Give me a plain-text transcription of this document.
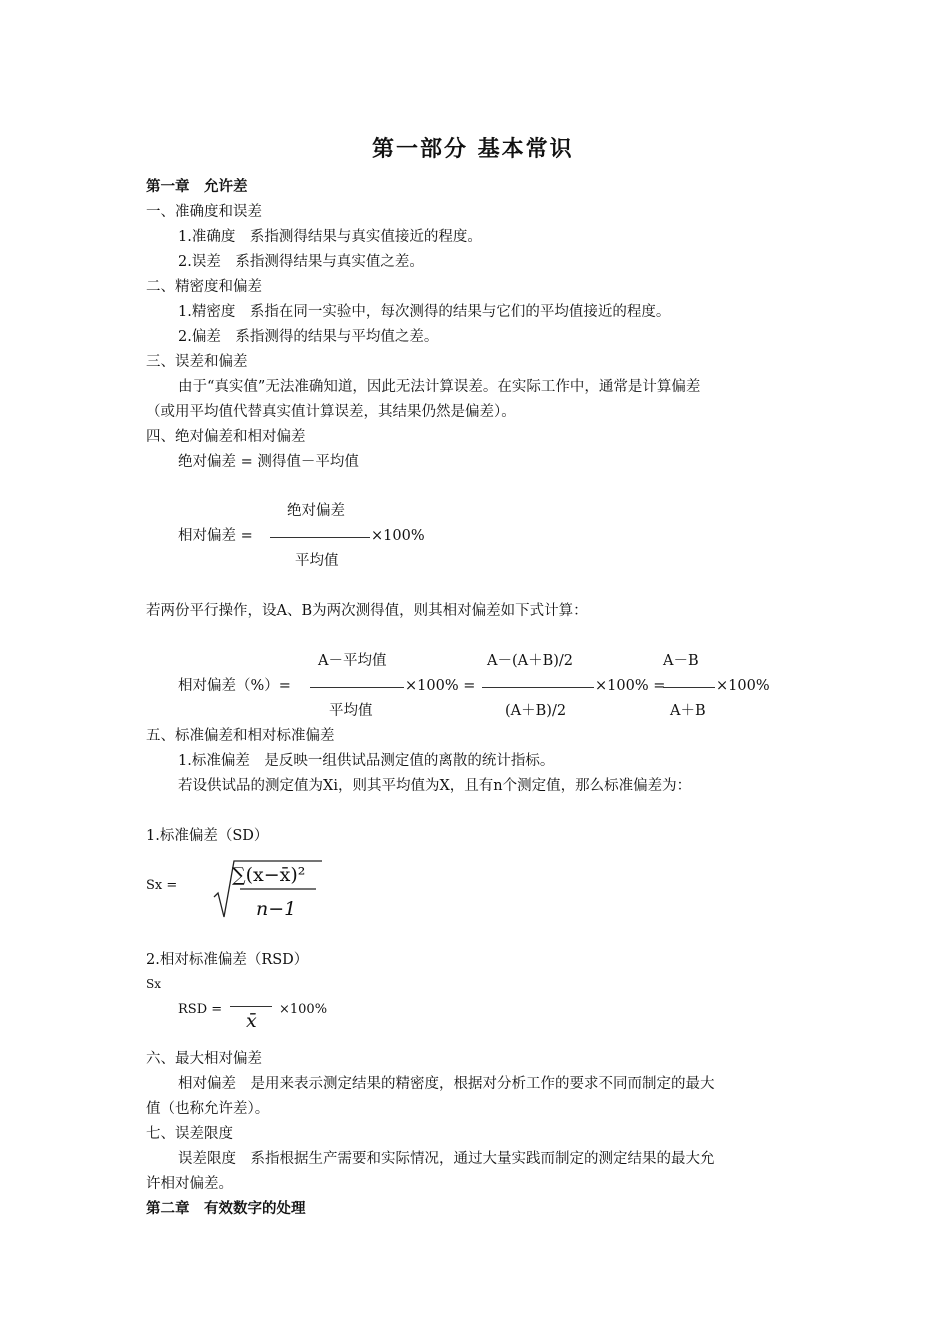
第一部分 基本常识
第一章　允许差
一、准确度和误差
1.准确度　系指测得结果与真实值接近的程度。
2.误差　系指测得结果与真实值之差。
二、精密度和偏差
1.精密度　系指在同一实验中，每次测得的结果与它们的平均值接近的程度。
2.偏差　系指测得的结果与平均值之差。
三、误差和偏差
由于“真实值”无法准确知道，因此无法计算误差。在实际工作中，通常是计算偏差
（或用平均值代替真实值计算误差，其结果仍然是偏差）。
四、绝对偏差和相对偏差
绝对偏差 = 测得值－平均值
绝对偏差
相对偏差 =	×100%
平均值
若两份平行操作，设A、B为两次测得值，则其相对偏差如下式计算：
A－平均值	A－(A＋B)/2	A－B
相对偏差（%）=	×100% =	×100% =	×100%
平均值	(A＋B)/2	A＋B
五、标准偏差和相对标准偏差
1.标准偏差　是反映一组供试品测定值的离散的统计指标。
若设供试品的测定值为Xi，则其平均值为X，且有n个测定值，那么标准偏差为：
1.标准偏差（SD）
Sx =	∑(x−x̄)²
n−1
2.相对标准偏差（RSD）
Sx
RSD =	×100%
x̄
六、最大相对偏差
相对偏差　是用来表示测定结果的精密度，根据对分析工作的要求不同而制定的最大
值（也称允许差）。
七、误差限度
误差限度　系指根据生产需要和实际情况，通过大量实践而制定的测定结果的最大允
许相对偏差。
第二章　有效数字的处理
